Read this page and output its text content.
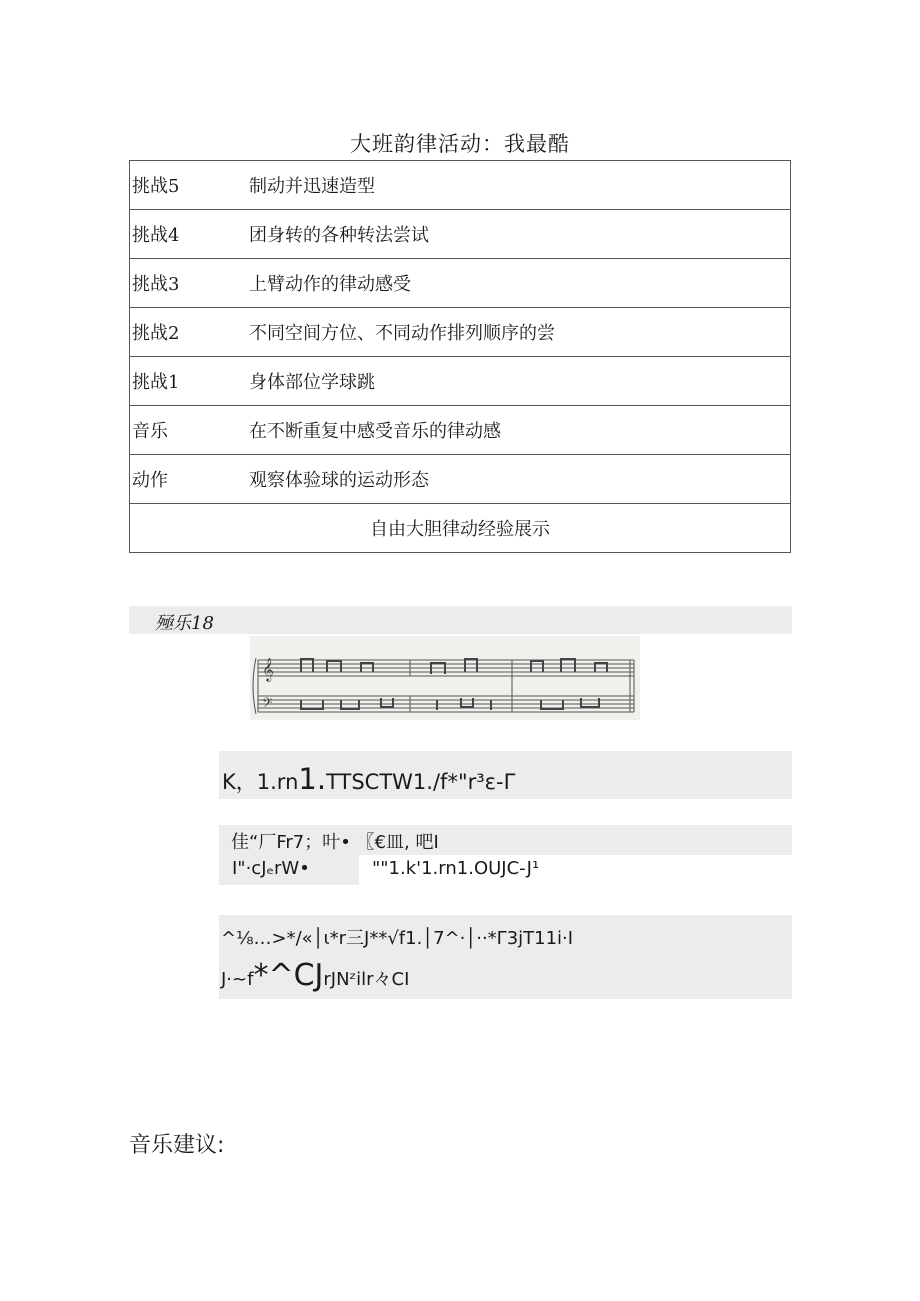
大班韵律活动：我最酷
挑战5	制动并迅速造型
挑战4	团身转的各种转法尝试
挑战3	上臂动作的律动感受
挑战2	不同空间方位、不同动作排列顺序的尝
挑战1	身体部位学球跳
音乐	在不断重复中感受音乐的律动感
动作	观察体验球的运动形态
自由大胆律动经验展示	
殛乐18
𝄞
𝄢
K，1.rn1.TTSCTW1./f*"r³ε-Γ
佳“厂Fr7；叶• 〖€皿, 吧I
I"·cJₑrW•	""1.k'1.rn1.OUJC-J¹
^⅛…>*/«│ι*r三J**√f1.│7^·│··*Γ3jT11i·I
J·~f*^CJrJNᶻilr々CI
音乐建议:
